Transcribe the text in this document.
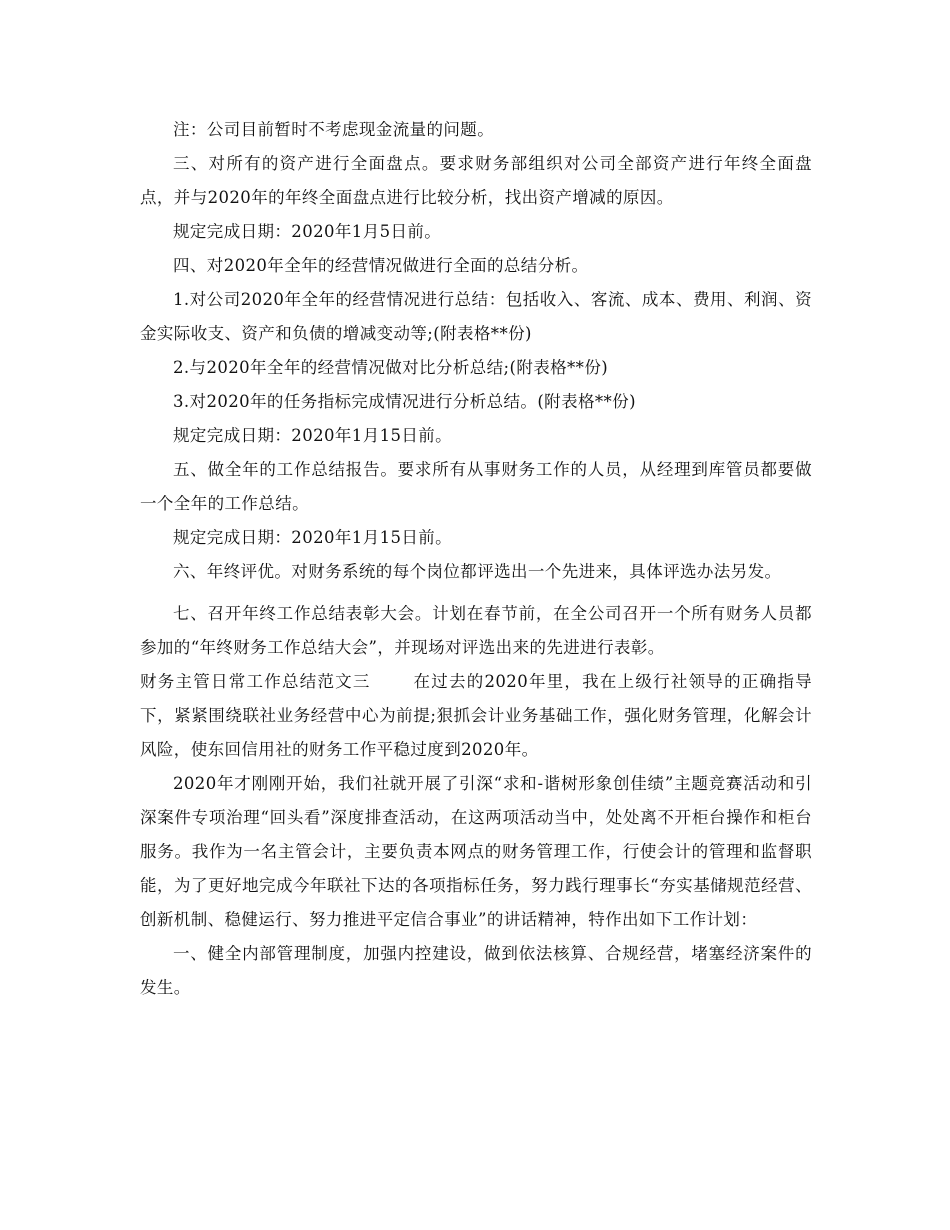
注：公司目前暂时不考虑现金流量的问题。

三、对所有的资产进行全面盘点。要求财务部组织对公司全部资产进行年终全面盘点，并与2020年的年终全面盘点进行比较分析，找出资产增减的原因。

规定完成日期：2020年1月5日前。

四、对2020年全年的经营情况做进行全面的总结分析。

1.对公司2020年全年的经营情况进行总结：包括收入、客流、成本、费用、利润、资金实际收支、资产和负债的增减变动等;(附表格**份)

2.与2020年全年的经营情况做对比分析总结;(附表格**份)

3.对2020年的任务指标完成情况进行分析总结。(附表格**份)

规定完成日期：2020年1月15日前。

五、做全年的工作总结报告。要求所有从事财务工作的人员，从经理到库管员都要做一个全年的工作总结。

规定完成日期：2020年1月15日前。

六、年终评优。对财务系统的每个岗位都评选出一个先进来，具体评选办法另发。

七、召开年终工作总结表彰大会。计划在春节前，在全公司召开一个所有财务人员都参加的“年终财务工作总结大会”，并现场对评选出来的先进进行表彰。

财务主管日常工作总结范文三	在过去的2020年里，我在上级行社领导的正确指导下，紧紧围绕联社业务经营中心为前提;狠抓会计业务基础工作，强化财务管理，化解会计风险，使东回信用社的财务工作平稳过度到2020年。

2020年才刚刚开始，我们社就开展了引深“求和-谐树形象创佳绩”主题竞赛活动和引深案件专项治理“回头看”深度排查活动，在这两项活动当中，处处离不开柜台操作和柜台服务。我作为一名主管会计，主要负责本网点的财务管理工作，行使会计的管理和监督职能，为了更好地完成今年联社下达的各项指标任务，努力践行理事长“夯实基储规范经营、创新机制、稳健运行、努力推进平定信合事业”的讲话精神，特作出如下工作计划：

一、健全内部管理制度，加强内控建设，做到依法核算、合规经营，堵塞经济案件的发生。
